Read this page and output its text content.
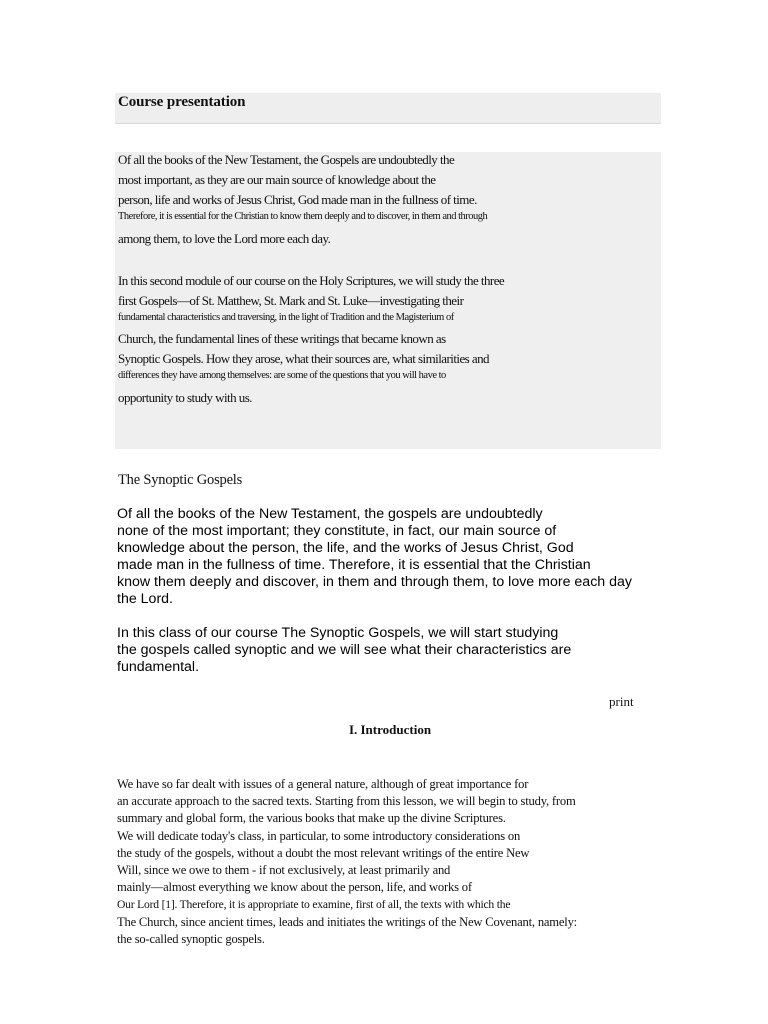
Course presentation
Of all the books of the New Testament, the Gospels are undoubtedly the
most important, as they are our main source of knowledge about the
person, life and works of Jesus Christ, God made man in the fullness of time.
Therefore, it is essential for the Christian to know them deeply and to discover, in them and through
among them, to love the Lord more each day.
In this second module of our course on the Holy Scriptures, we will study the three
first Gospels—of St. Matthew, St. Mark and St. Luke—investigating their
fundamental characteristics and traversing, in the light of Tradition and the Magisterium of
Church, the fundamental lines of these writings that became known as
Synoptic Gospels. How they arose, what their sources are, what similarities and
differences they have among themselves: are some of the questions that you will have to
opportunity to study with us.
The Synoptic Gospels
Of all the books of the New Testament, the gospels are undoubtedly
none of the most important; they constitute, in fact, our main source of
knowledge about the person, the life, and the works of Jesus Christ, God
made man in the fullness of time. Therefore, it is essential that the Christian
know them deeply and discover, in them and through them, to love more each day
the Lord.
In this class of our course The Synoptic Gospels, we will start studying
the gospels called synoptic and we will see what their characteristics are
fundamental.
print
I. Introduction
We have so far dealt with issues of a general nature, although of great importance for
an accurate approach to the sacred texts. Starting from this lesson, we will begin to study, from
summary and global form, the various books that make up the divine Scriptures.
We will dedicate today's class, in particular, to some introductory considerations on
the study of the gospels, without a doubt the most relevant writings of the entire New
Will, since we owe to them - if not exclusively, at least primarily and
mainly—almost everything we know about the person, life, and works of
Our Lord [1]. Therefore, it is appropriate to examine, first of all, the texts with which the
The Church, since ancient times, leads and initiates the writings of the New Covenant, namely:
the so-called synoptic gospels.
